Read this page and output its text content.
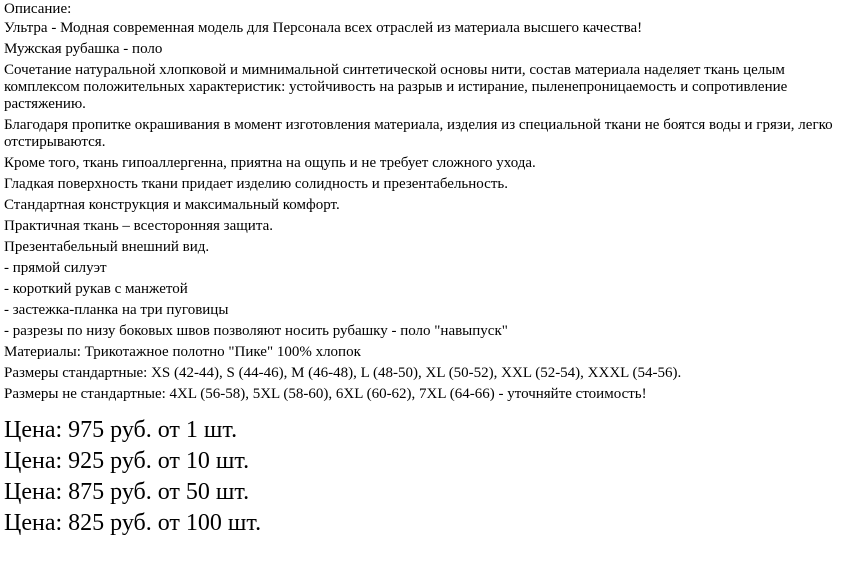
Описание:
Ультра - Модная современная модель для Персонала всех отраслей из материала высшего качества!
Мужская рубашка - поло
Сочетание натуральной хлопковой и мимнимальной синтетической основы нити, состав материала наделяет ткань целым комплексом положительных характеристик: устойчивость на разрыв и истирание, пыленепроницаемость и сопротивление растяжению.
Благодаря пропитке окрашивания в момент изготовления материала, изделия из специальной ткани не боятся воды и грязи, легко отстирываются.
Кроме того, ткань гипоаллергенна, приятна на ощупь и не требует сложного ухода.
Гладкая поверхность ткани придает изделию солидность и презентабельность.
Стандартная конструкция и максимальный комфорт.
Практичная ткань – всесторонняя защита.
Презентабельный внешний вид.
- прямой силуэт
- короткий рукав с манжетой
- застежка-планка на три пуговицы
- разрезы по низу боковых швов позволяют носить рубашку - поло "навыпуск"
Материалы: Трикотажное полотно "Пике" 100% хлопок
Размеры стандартные: XS (42-44), S (44-46), M (46-48), L (48-50), XL (50-52), XXL (52-54), XXXL (54-56).
Размеры не стандартные: 4XL (56-58), 5XL (58-60), 6XL (60-62), 7XL (64-66) - уточняйте стоимость!
Цена: 975 руб. от 1 шт.
Цена: 925 руб. от 10 шт.
Цена: 875 руб. от 50 шт.
Цена: 825 руб. от 100 шт.
